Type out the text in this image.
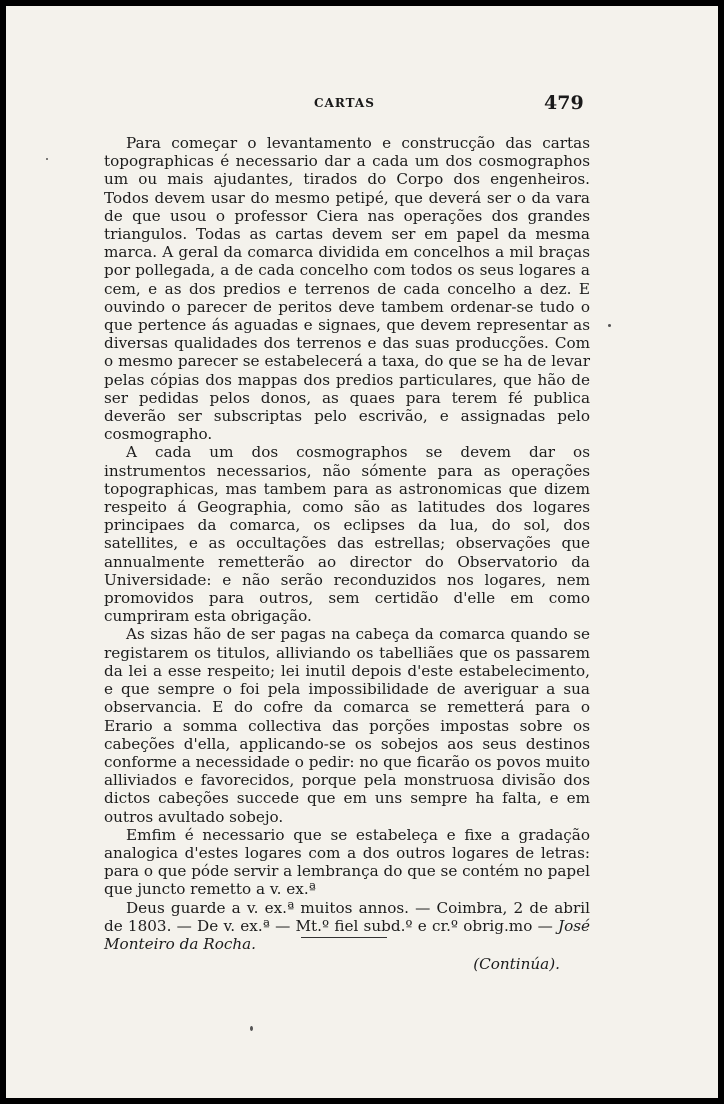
CARTAS	479

Para começar o levantamento e construcção das cartas topographicas é necessario dar a cada um dos cosmographos um ou mais ajudantes, tirados do Corpo dos engenheiros. Todos devem usar do mesmo petipé, que deverá ser o da vara de que usou o professor Ciera nas operações dos grandes triangulos. Todas as cartas devem ser em papel da mesma marca. A geral da comarca dividida em concelhos a mil braças por pollegada, a de cada concelho com todos os seus logares a cem, e as dos predios e terrenos de cada concelho a dez. E ouvindo o parecer de peritos deve tambem ordenar-se tudo o que pertence ás aguadas e signaes, que devem representar as diversas qualidades dos terrenos e das suas producções. Com o mesmo parecer se estabelecerá a taxa, do que se ha de levar pelas cópias dos mappas dos predios particulares, que hão de ser pedidas pelos donos, as quaes para terem fé publica deverão ser subscriptas pelo escrivão, e assignadas pelo cosmographo.

A cada um dos cosmographos se devem dar os instrumentos necessarios, não sómente para as operações topographicas, mas tambem para as astronomicas que dizem respeito á Geographia, como são as latitudes dos logares principaes da comarca, os eclipses da lua, do sol, dos satellites, e as occultações das estrellas; observações que annualmente remetterão ao director do Observatorio da Universidade: e não serão reconduzidos nos logares, nem promovidos para outros, sem certidão d'elle em como cumpriram esta obrigação.

As sizas hão de ser pagas na cabeça da comarca quando se registarem os titulos, alliviando os tabelliães que os passarem da lei a esse respeito; lei inutil depois d'este estabelecimento, e que sempre o foi pela impossibilidade de averiguar a sua observancia. E do cofre da comarca se remetterá para o Erario a somma collectiva das porções impostas sobre os cabeções d'ella, applicando-se os sobejos aos seus destinos conforme a necessidade o pedir: no que ficarão os povos muito alliviados e favorecidos, porque pela monstruosa divisão dos dictos cabeções succede que em uns sempre ha falta, e em outros avultado sobejo.

Emfim é necessario que se estabeleça e fixe a gradação analogica d'estes logares com a dos outros logares de letras: para o que póde servir a lembrança do que se contém no papel que juncto remetto a v. ex.ª

Deus guarde a v. ex.ª muitos annos. — Coimbra, 2 de abril de 1803. — De v. ex.ª — Mt.º fiel subd.º e cr.º obrig.mo — José Monteiro da Rocha.

(Continúa).
